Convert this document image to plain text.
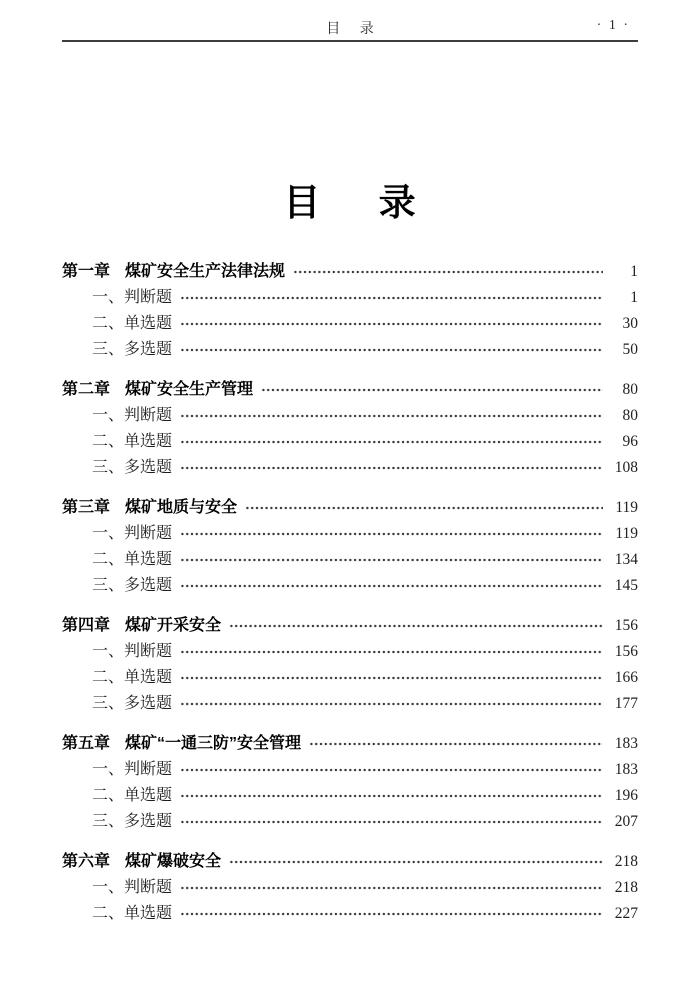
目 录	· 1 ·
目 录
第一章 煤矿安全生产法律法规	1
一、判断题	1
二、单选题	30
三、多选题	50
第二章 煤矿安全生产管理	80
一、判断题	80
二、单选题	96
三、多选题	108
第三章 煤矿地质与安全	119
一、判断题	119
二、单选题	134
三、多选题	145
第四章 煤矿开采安全	156
一、判断题	156
二、单选题	166
三、多选题	177
第五章 煤矿“一通三防”安全管理	183
一、判断题	183
二、单选题	196
三、多选题	207
第六章 煤矿爆破安全	218
一、判断题	218
二、单选题	227
